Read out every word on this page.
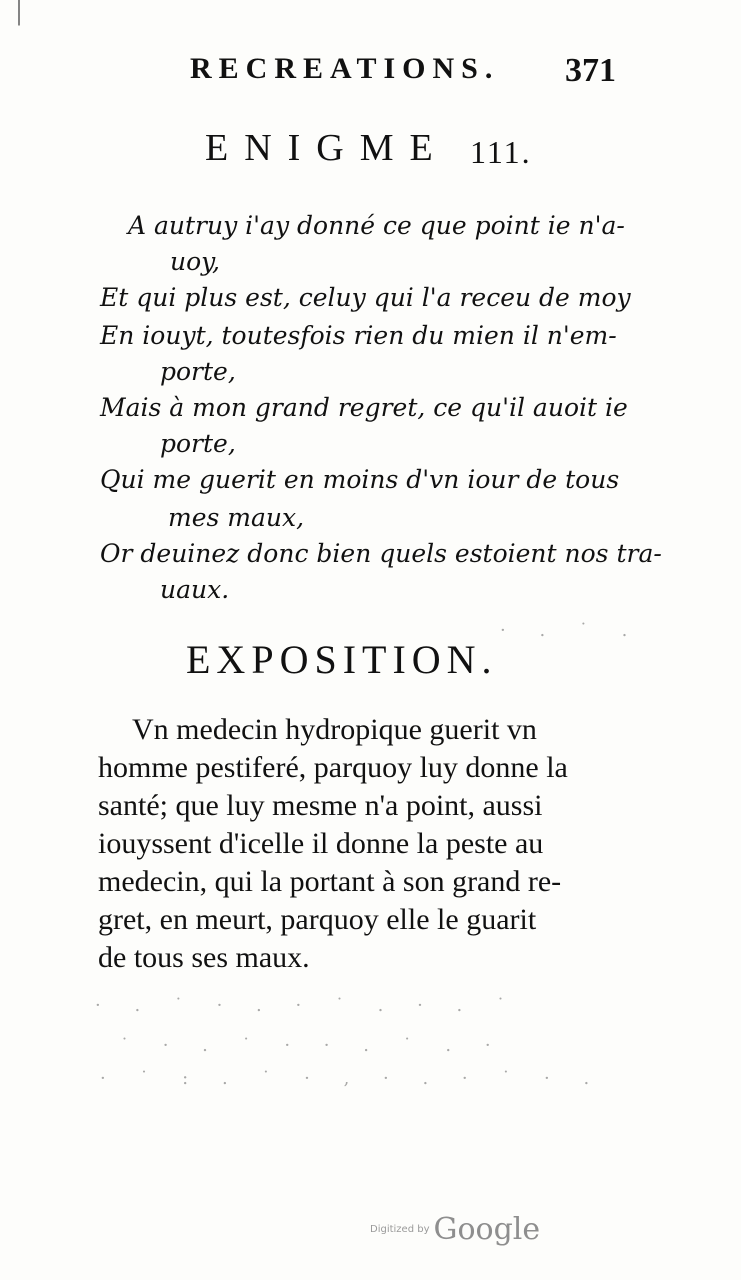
RECREATIONS. 371
ENIGME 111.
A autruy i'ay donné ce que point ie n'a-
uoy,
Et qui plus est, celuy qui l'a receu de moy
En iouyt, toutesfois rien du mien il n'em-
porte,
Mais à mon grand regret, ce qu'il auoit ie
porte,
Qui me guerit en moins d'vn iour de tous
mes maux,
Or deuinez donc bien quels estoient nos tra-
uaux.
EXPOSITION.
Vn medecin hydropique guerit vn
homme pestiferé, parquoy luy donne la
santé; que luy mesme n'a point, aussi
iouyssent d'icelle il donne la peste au
medecin, qui la portant à son grand re-
gret, en meurt, parquoy elle le guarit
de tous ses maux.
· . ˙ · . · ˙ . · . ˙
˙ · . ˙ · · . ˙ . ·
· ˙ : . ˙ · ‚ · . · ˙ · .
· . ˙ .
Digitized by Google
